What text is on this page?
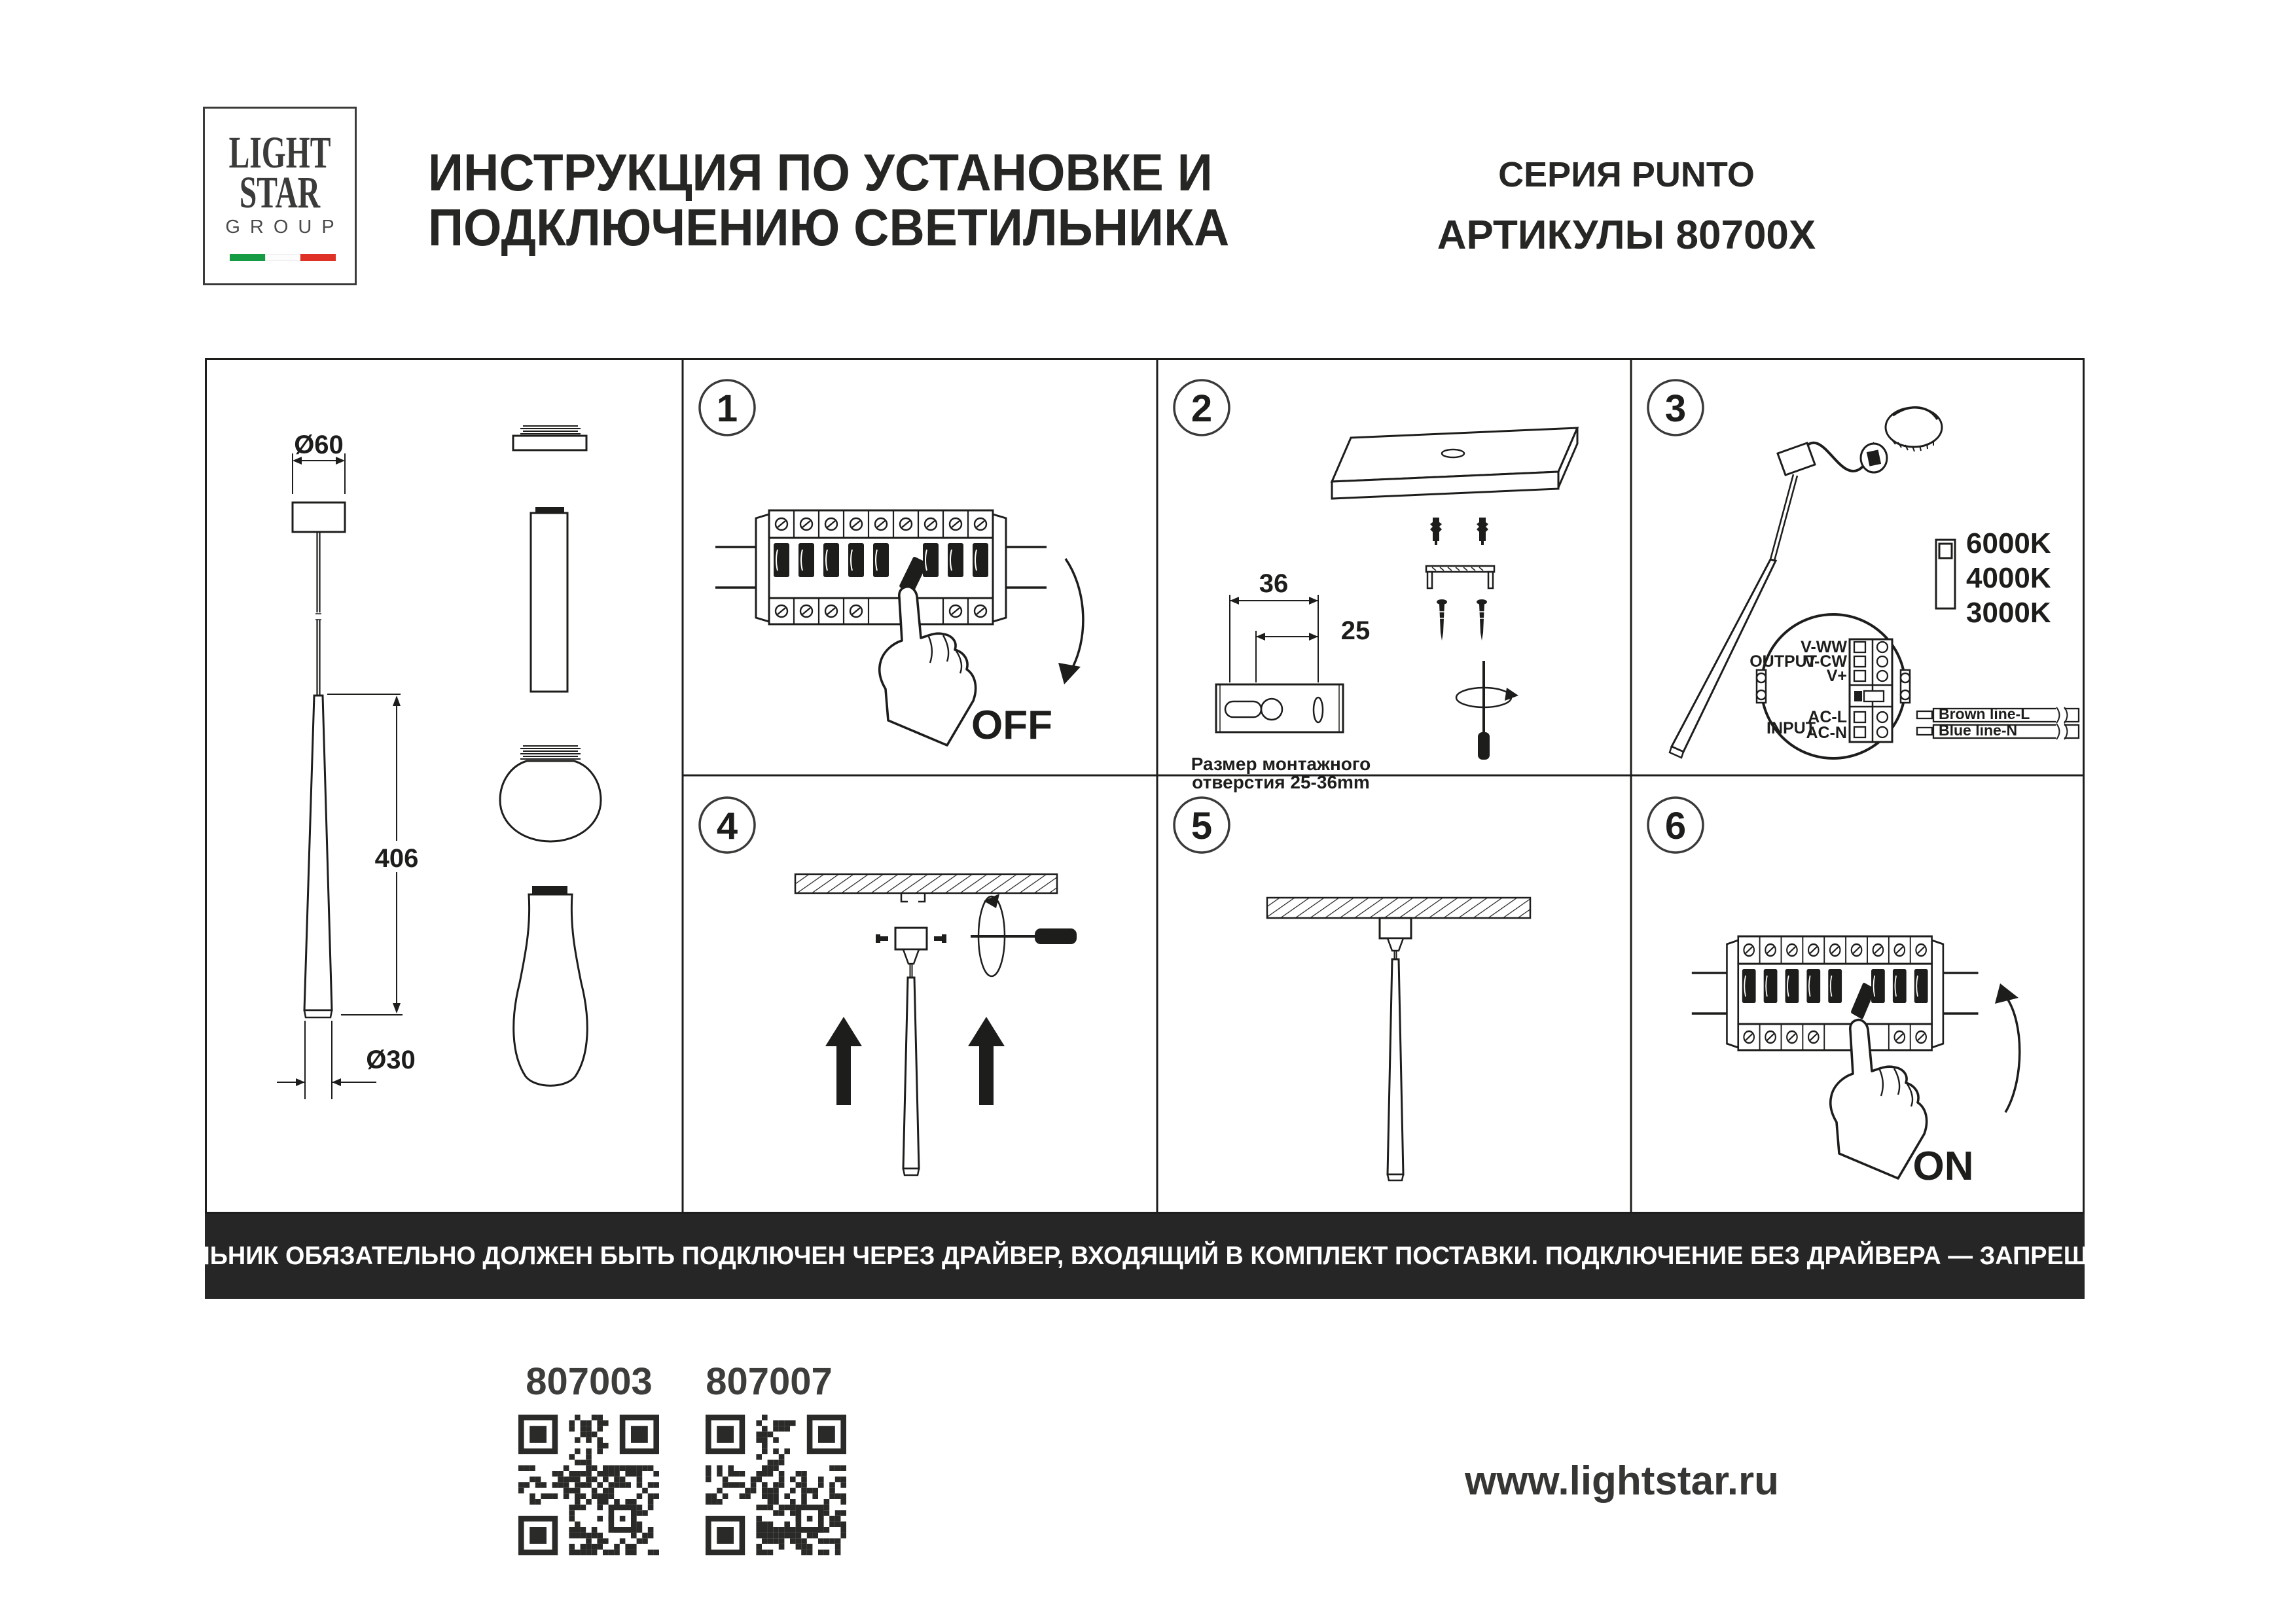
LIGHT
STAR
GROUP
ИНСТРУКЦИЯ ПО УСТАНОВКЕ И
ПОДКЛЮЧЕНИЮ СВЕТИЛЬНИКА
СЕРИЯ PUNTO
АРТИКУЛЫ 80700X
Ø60
406
Ø30
1
OFF
2
36
25
Размер монтажного
отверстия 25-36mm
3
6000K
4000K
3000K
V-WW
V-CW
V+
OUTPUT
AC-L
AC-N
INPUT
Brown line-L
Blue line-N
4	5	6
ON
СВЕТИЛЬНИК ОБЯЗАТЕЛЬНО ДОЛЖЕН БЫТЬ ПОДКЛЮЧЕН ЧЕРЕЗ ДРАЙВЕР, ВХОДЯЩИЙ В КОМПЛЕКТ ПОСТАВКИ. ПОДКЛЮЧЕНИЕ БЕЗ ДРАЙВЕРА — ЗАПРЕЩАЕТСЯ!
807003 807007
www.lightstar.ru
